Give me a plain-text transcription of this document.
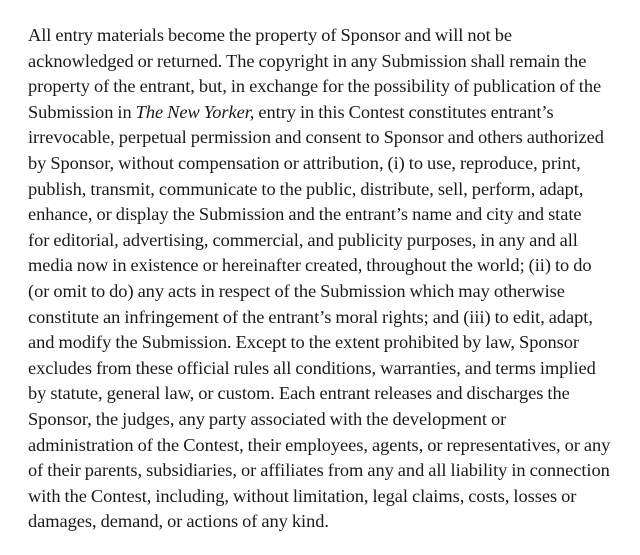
All entry materials become the property of Sponsor and will not be
acknowledged or returned. The copyright in any Submission shall remain the
property of the entrant, but, in exchange for the possibility of publication of the
Submission in The New Yorker, entry in this Contest constitutes entrant’s
irrevocable, perpetual permission and consent to Sponsor and others authorized
by Sponsor, without compensation or attribution, (i) to use, reproduce, print,
publish, transmit, communicate to the public, distribute, sell, perform, adapt,
enhance, or display the Submission and the entrant’s name and city and state
for editorial, advertising, commercial, and publicity purposes, in any and all
media now in existence or hereinafter created, throughout the world; (ii) to do
(or omit to do) any acts in respect of the Submission which may otherwise
constitute an infringement of the entrant’s moral rights; and (iii) to edit, adapt,
and modify the Submission. Except to the extent prohibited by law, Sponsor
excludes from these official rules all conditions, warranties, and terms implied
by statute, general law, or custom. Each entrant releases and discharges the
Sponsor, the judges, any party associated with the development or
administration of the Contest, their employees, agents, or representatives, or any
of their parents, subsidiaries, or affiliates from any and all liability in connection
with the Contest, including, without limitation, legal claims, costs, losses or
damages, demand, or actions of any kind.
